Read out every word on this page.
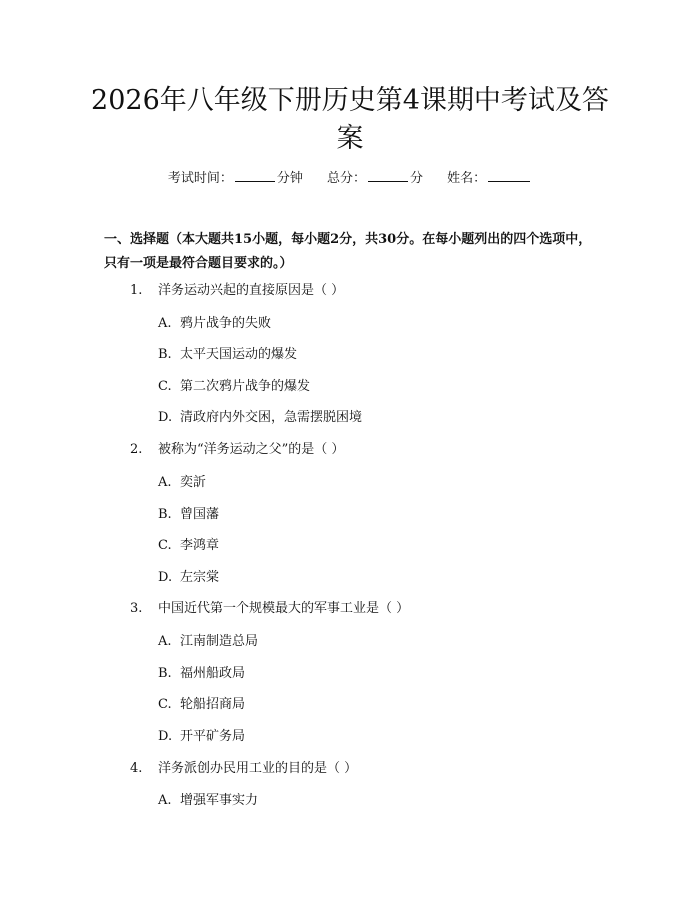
2026年八年级下册历史第4课期中考试及答案
考试时间：	分钟 总分：	分 姓名：

一、选择题（本大题共15小题，每小题2分，共30分。在每小题列出的四个选项中，只有一项是最符合题目要求的。）

1. 洋务运动兴起的直接原因是（ ）
A. 鸦片战争的失败
B. 太平天国运动的爆发
C. 第二次鸦片战争的爆发
D. 清政府内外交困，急需摆脱困境
2. 被称为“洋务运动之父”的是（ ）
A. 奕訢
B. 曾国藩
C. 李鸿章
D. 左宗棠
3. 中国近代第一个规模最大的军事工业是（ ）
A. 江南制造总局
B. 福州船政局
C. 轮船招商局
D. 开平矿务局
4. 洋务派创办民用工业的目的是（ ）
A. 增强军事实力
